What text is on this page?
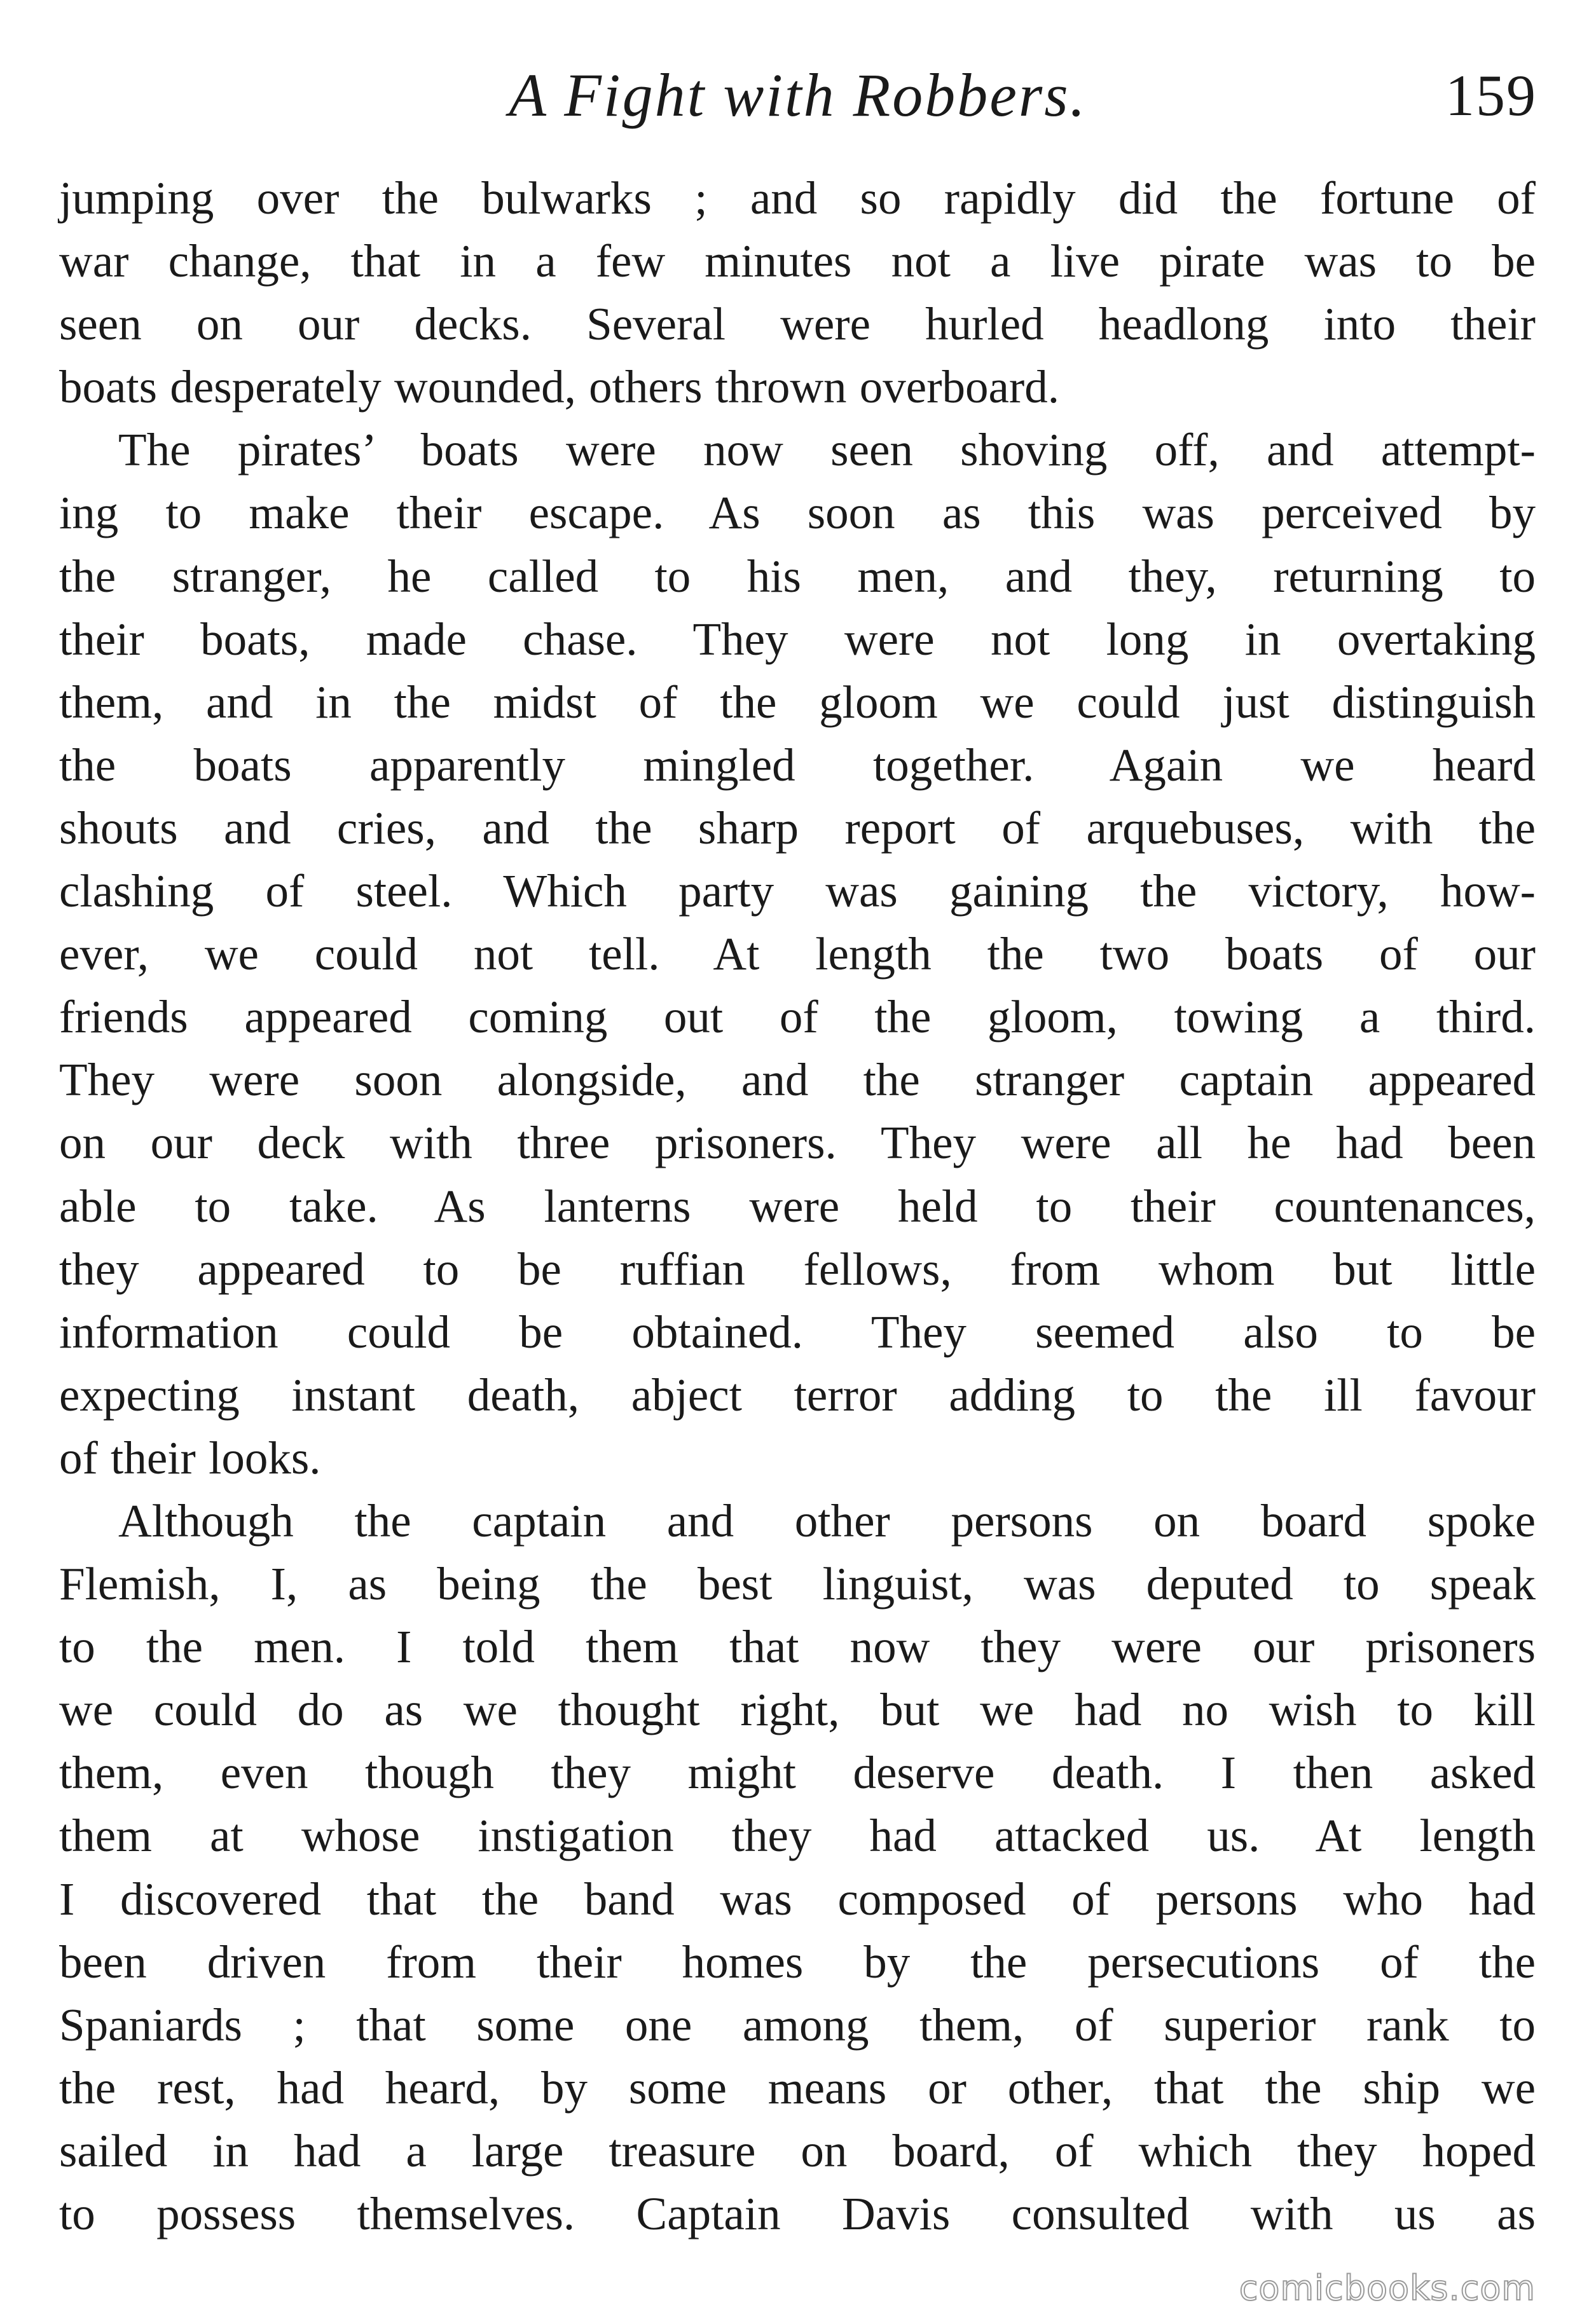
A Fight with Robbers.	159
jumping over the bulwarks ; and so rapidly did the fortune of
war change, that in a few minutes not a live pirate was to be
seen on our decks. Several were hurled headlong into their
boats desperately wounded, others thrown overboard.
The pirates’ boats were now seen shoving off, and attempt-
ing to make their escape. As soon as this was perceived by
the stranger, he called to his men, and they, returning to
their boats, made chase. They were not long in overtaking
them, and in the midst of the gloom we could just distinguish
the boats apparently mingled together. Again we heard
shouts and cries, and the sharp report of arquebuses, with the
clashing of steel. Which party was gaining the victory, how-
ever, we could not tell. At length the two boats of our
friends appeared coming out of the gloom, towing a third.
They were soon alongside, and the stranger captain appeared
on our deck with three prisoners. They were all he had been
able to take. As lanterns were held to their countenances,
they appeared to be ruffian fellows, from whom but little
information could be obtained. They seemed also to be
expecting instant death, abject terror adding to the ill favour
of their looks.
Although the captain and other persons on board spoke
Flemish, I, as being the best linguist, was deputed to speak
to the men. I told them that now they were our prisoners
we could do as we thought right, but we had no wish to kill
them, even though they might deserve death. I then asked
them at whose instigation they had attacked us. At length
I discovered that the band was composed of persons who had
been driven from their homes by the persecutions of the
Spaniards ; that some one among them, of superior rank to
the rest, had heard, by some means or other, that the ship we
sailed in had a large treasure on board, of which they hoped
to possess themselves. Captain Davis consulted with us as
comicbooks.com
